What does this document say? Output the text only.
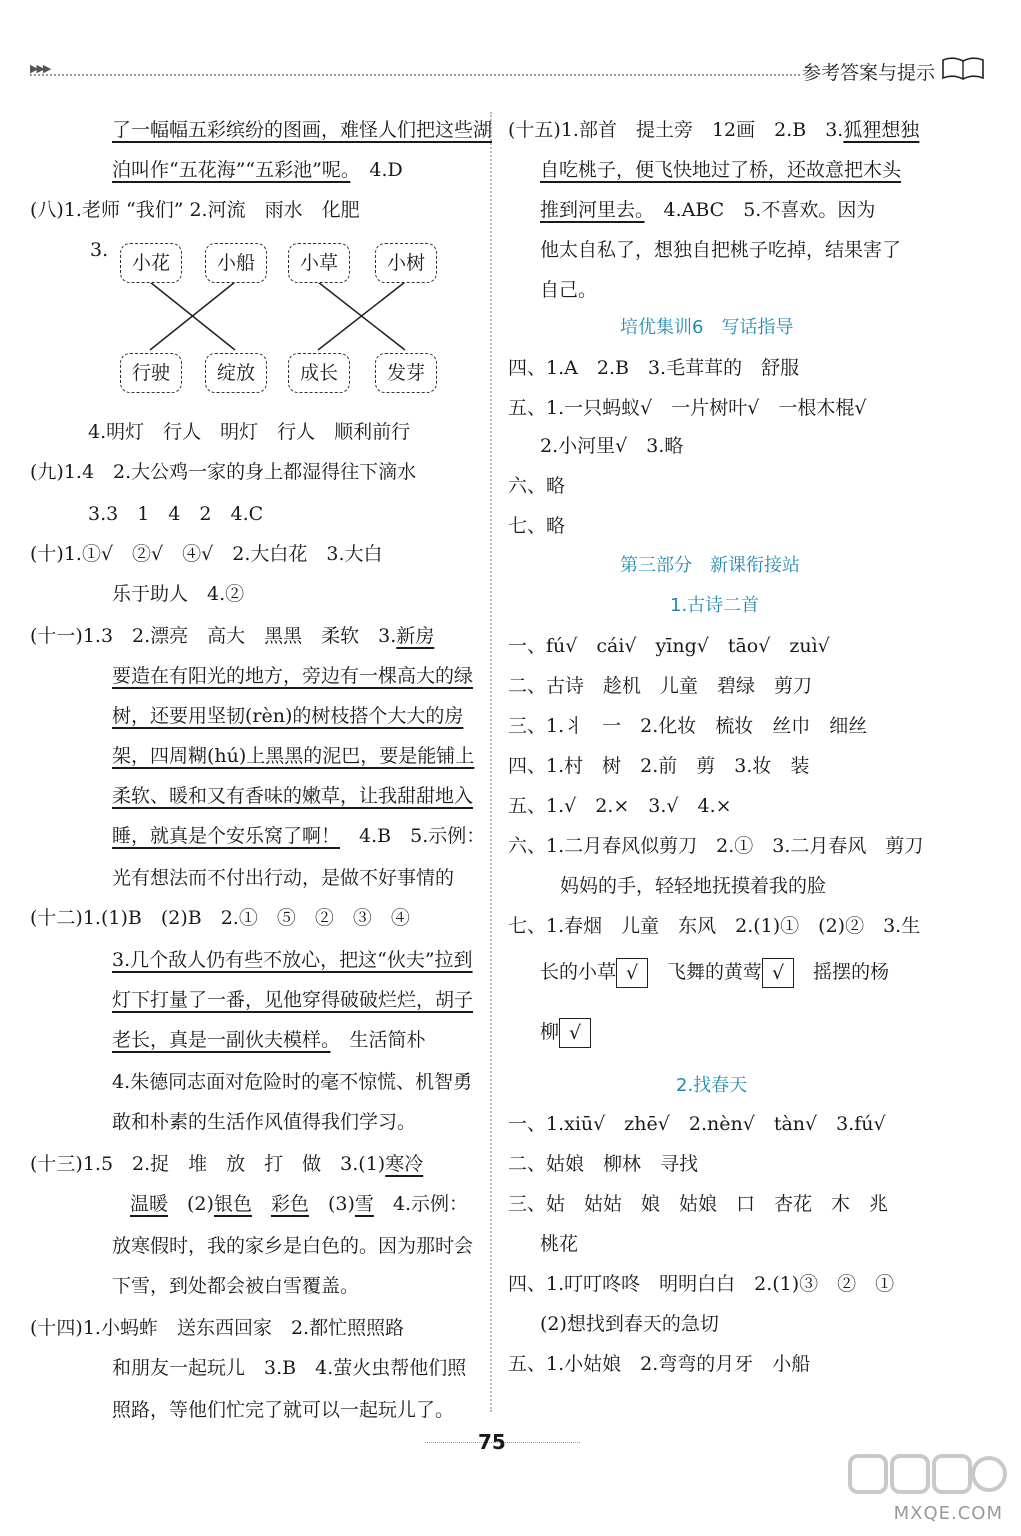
▶▶▶	参考答案与提示
了一幅幅五彩缤纷的图画，难怪人们把这些湖
泊叫作“五花海”“五彩池”呢。　 4.D
(八)1.老师 “我们” 2.河流　雨水　化肥
3.
小花	小船	小草	小树
行驶	绽放	成长	发芽
4.明灯　行人　明灯　行人　顺利前行
(九)1.4　2.大公鸡一家的身上都湿得往下滴水
3.3　1　4　2　4.C
(十)1.①√　②√　④√　2.大白花　3.大白
乐于助人　4.②
(十一)1.3　2.漂亮　高大　黑黑　柔软　3.新房
要造在有阳光的地方，旁边有一棵高大的绿
树，还要用坚韧(rèn)的树枝搭个大大的房
架，四周糊(hú)上黑黑的泥巴，要是能铺上
柔软、暖和又有香味的嫩草，让我甜甜地入
睡，就真是个安乐窝了啊！　4.B　5.示例：
光有想法而不付出行动，是做不好事情的
(十二)1.(1)B　(2)B　2.①　⑤　②　③　④
3.几个敌人仍有些不放心，把这“伙夫”拉到
灯下打量了一番，见他穿得破破烂烂，胡子
老长，真是一副伙夫模样。　生活简朴
4.朱德同志面对危险时的毫不惊慌、机智勇
敢和朴素的生活作风值得我们学习。
(十三)1.5　2.捉　堆　放　打　做　3.(1)寒冷
温暖　(2)银色　 彩色　(3)雪　4.示例：
放寒假时，我的家乡是白色的。因为那时会
下雪，到处都会被白雪覆盖。
(十四)1.小蚂蚱　送东西回家　2.都忙照照路
和朋友一起玩儿　3.B　4.萤火虫帮他们照
照路，等他们忙完了就可以一起玩儿了。
(十五)1.部首　提土旁　12画　2.B　3.狐狸想独
自吃桃子，便飞快地过了桥，还故意把木头
推到河里去。　4.ABC　5.不喜欢。因为
他太自私了，想独自把桃子吃掉，结果害了
自己。
培优集训6　写话指导
四、1.A　2.B　3.毛茸茸的　舒服
五、1.一只蚂蚁√　一片树叶√　一根木棍√
2.小河里√　3.略
六、略
七、略
第三部分　新课衔接站
1.古诗二首
一、fú√　cái√　yīng√　tāo√　zuì√
二、古诗　趁机　儿童　碧绿　剪刀
三、1.丬　一　2.化妆　梳妆　丝巾　细丝
四、1.村　树　2.前　剪　3.妆　装
五、1.√　2.×　3.√　4.×
六、1.二月春风似剪刀　2.①　3.二月春风　剪刀
妈妈的手，轻轻地抚摸着我的脸
七、1.春烟　儿童　东风　2.(1)①　(2)②　3.生
长的小草 √　 飞舞的黄莺 √　 摇摆的杨
柳 √
2.找春天
一、1.xiū√　zhē√　2.nèn√　tàn√　3.fú√
二、姑娘　柳林　寻找
三、姑　姑姑　娘　姑娘　口　杏花　木　兆
桃花
四、1.叮叮咚咚　明明白白　2.(1)③　②　①
(2)想找到春天的急切
五、1.小姑娘　2.弯弯的月牙　小船
75
MXQE.COM
